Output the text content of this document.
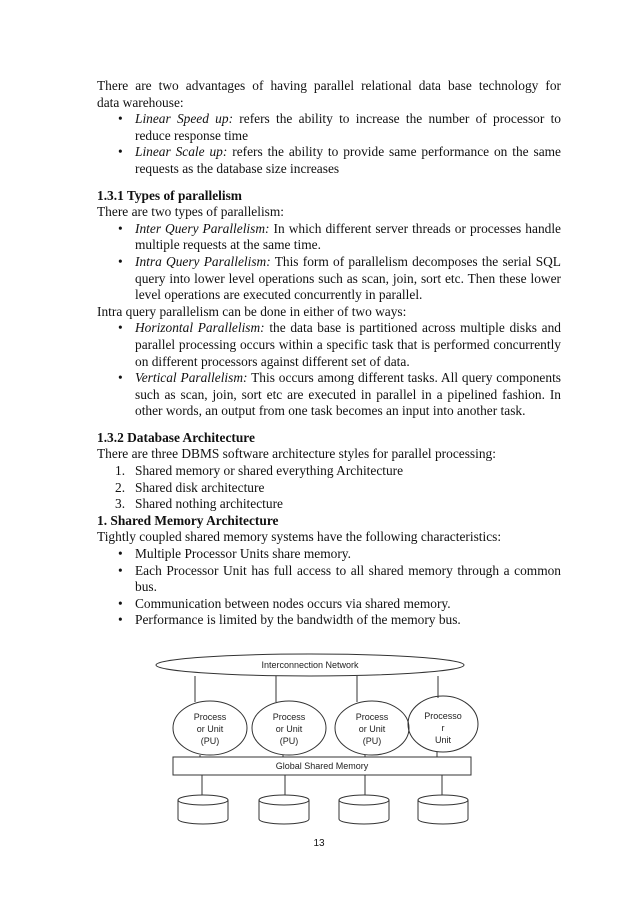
There are two advantages of having parallel relational data base technology for

data warehouse:

• Linear Speed up: refers the ability to increase the number of processor to reduce response time
• Linear Scale up: refers the ability to provide same performance on the same requests as the database size increases

1.3.1 Types of parallelism

There are two types of parallelism:

• Inter Query Parallelism: In which different server threads or processes handle multiple requests at the same time.
• Intra Query Parallelism: This form of parallelism decomposes the serial SQL query into lower level operations such as scan, join, sort etc. Then these lower level operations are executed concurrently in parallel.

Intra query parallelism can be done in either of two ways:

• Horizontal Parallelism: the data base is partitioned across multiple disks and parallel processing occurs within a specific task that is performed concurrently on different processors against different set of data.
• Vertical Parallelism: This occurs among different tasks. All query components such as scan, join, sort etc are executed in parallel in a pipelined fashion. In other words, an output from one task becomes an input into another task.

1.3.2 Database Architecture

There are three DBMS software architecture styles for parallel processing:

1. Shared memory or shared everything Architecture
2. Shared disk architecture
3. Shared nothing architecture

1. Shared Memory Architecture

Tightly coupled shared memory systems have the following characteristics:

• Multiple Processor Units share memory.
• Each Processor Unit has full access to all shared memory through a common bus.
• Communication between nodes occurs via shared memory.
• Performance is limited by the bandwidth of the memory bus.
Interconnection Network
Process
or Unit
(PU)
Process
or Unit
(PU)
Process
or Unit
(PU)
Processo
r
Unit
Global Shared Memory
13
